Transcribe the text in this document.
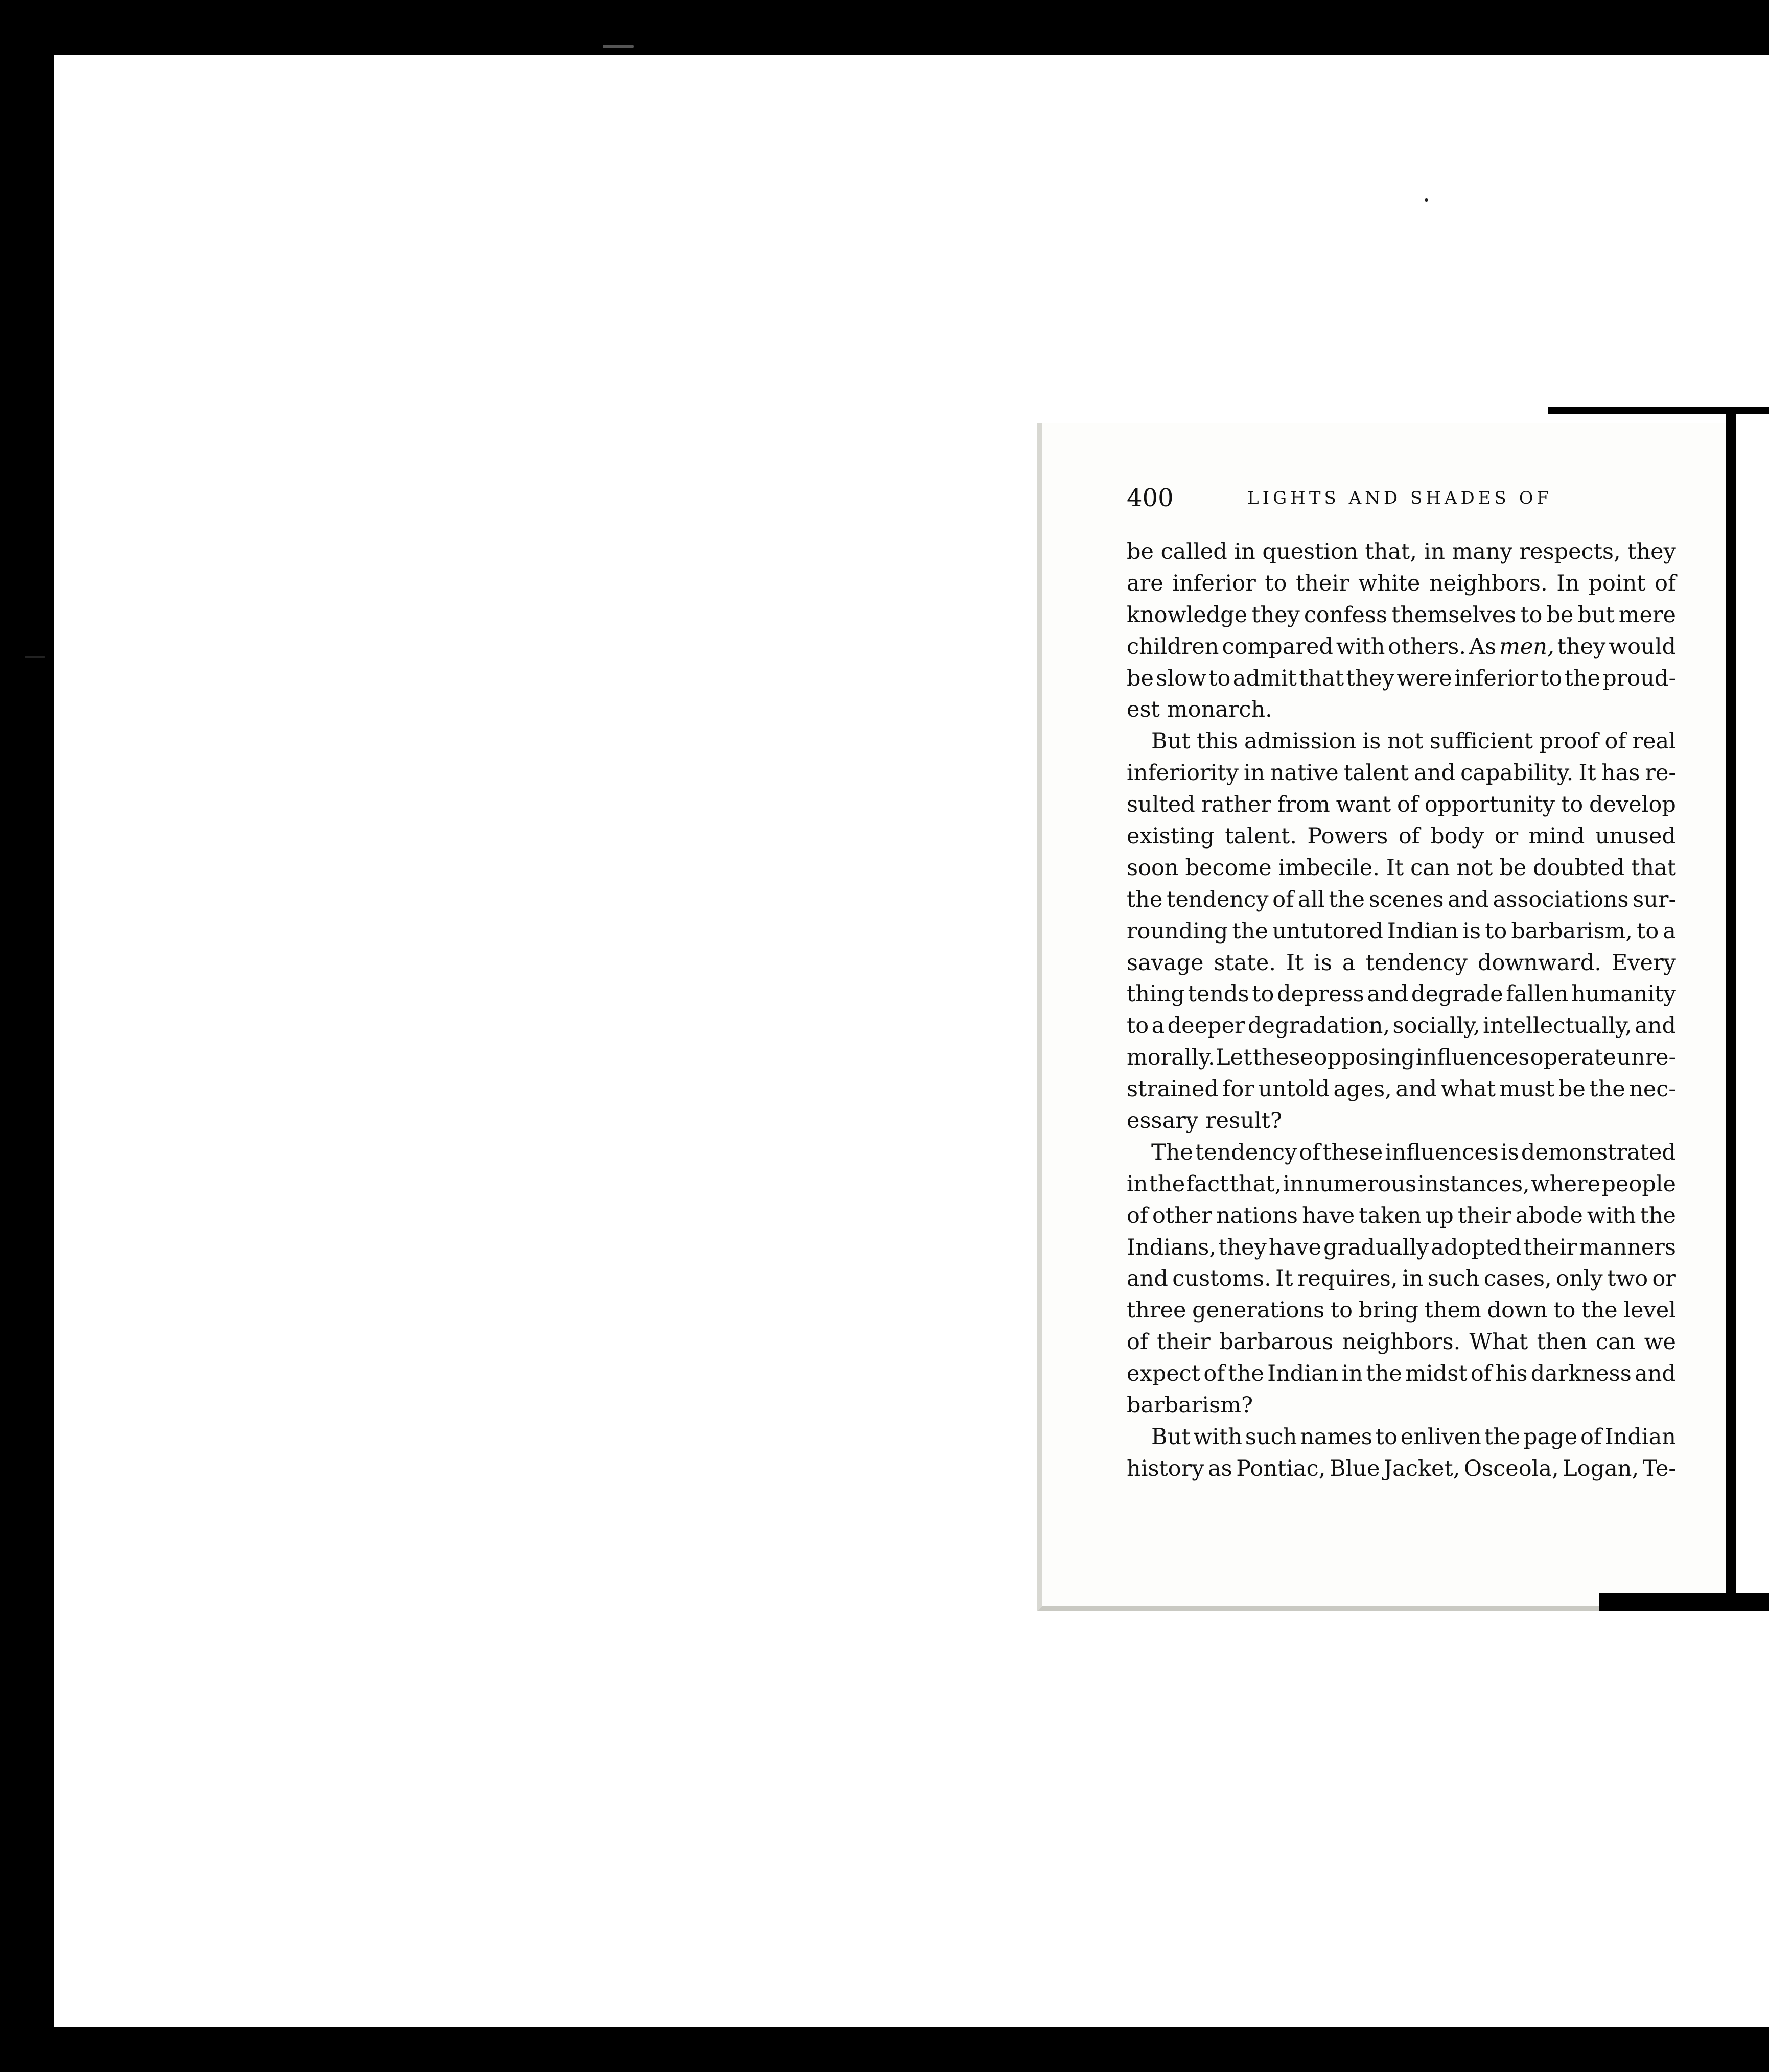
400	LIGHTS AND SHADES OF
be called in question that, in many respects, they
are inferior to their white neighbors. In point of
knowledge they confess themselves to be but mere
children compared with others. As men, they would
be slow to admit that they were inferior to the proud-
est monarch.
But this admission is not sufficient proof of real
inferiority in native talent and capability. It has re-
sulted rather from want of opportunity to develop
existing talent. Powers of body or mind unused
soon become imbecile. It can not be doubted that
the tendency of all the scenes and associations sur-
rounding the untutored Indian is to barbarism, to a
savage state. It is a tendency downward. Every
thing tends to depress and degrade fallen humanity
to a deeper degradation, socially, intellectually, and
morally. Let these opposing influences operate unre-
strained for untold ages, and what must be the nec-
essary result?
The tendency of these influences is demonstrated
in the fact that, in numerous instances, where people
of other nations have taken up their abode with the
Indians, they have gradually adopted their manners
and customs. It requires, in such cases, only two or
three generations to bring them down to the level
of their barbarous neighbors. What then can we
expect of the Indian in the midst of his darkness and
barbarism?
But with such names to enliven the page of Indian
history as Pontiac, Blue Jacket, Osceola, Logan, Te-
